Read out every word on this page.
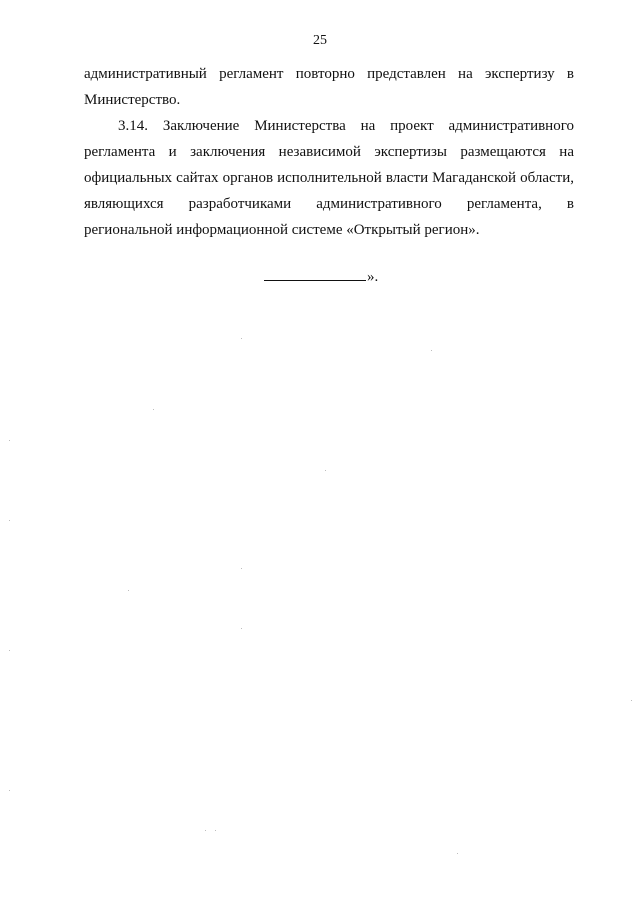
25

административный регламент повторно представлен на экспертизу в Министерство.

3.14. Заключение Министерства на проект административного регламента и заключения независимой экспертизы размещаются на официальных сайтах органов исполнительной власти Магаданской области, являющихся разработчиками административного регламента, в региональной информационной системе «Открытый регион».

».
